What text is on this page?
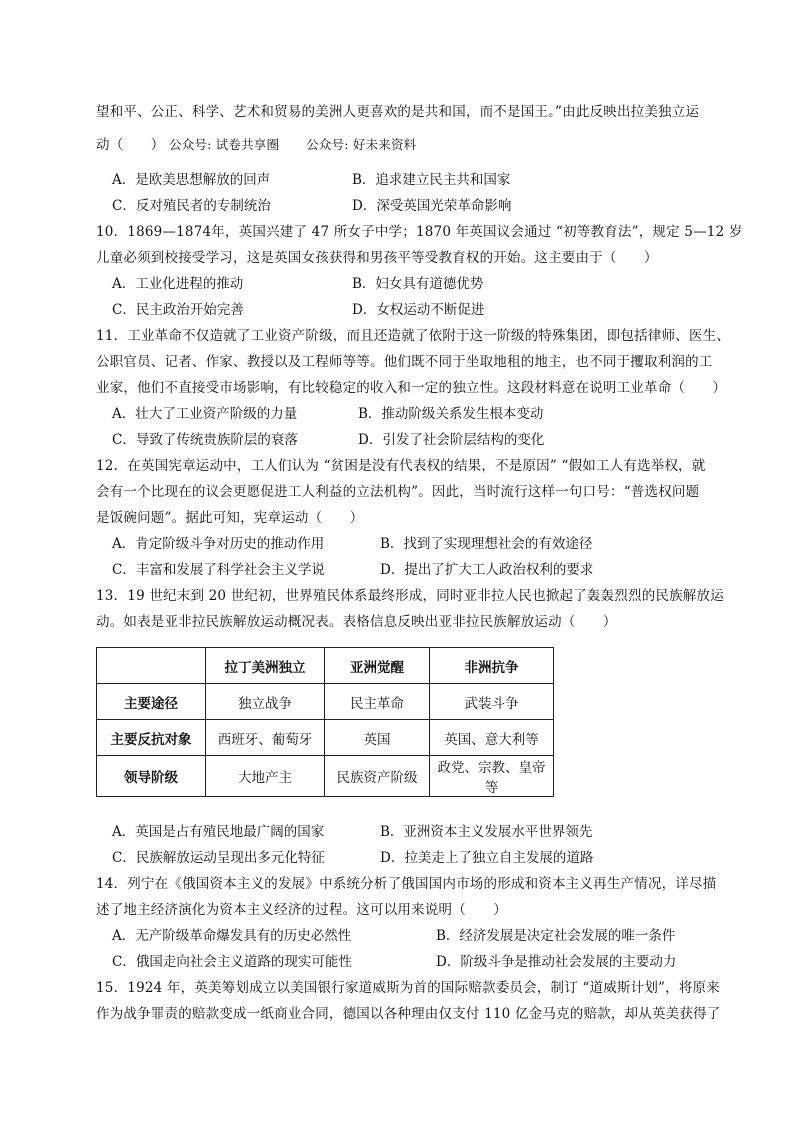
望和平、公正、科学、艺术和贸易的美洲人更喜欢的是共和国，而不是国王。”由此反映出拉美独立运
动（　　） 公众号: 试卷共享圈 公众号: 好未来资料
A．是欧美思想解放的回声	B．追求建立民主共和国家
C．反对殖民者的专制统治	D．深受英国光荣革命影响
10．1869—1874年，英国兴建了 47 所女子中学；1870 年英国议会通过 “初等教育法”，规定 5—12 岁
儿童必须到校接受学习，这是英国女孩获得和男孩平等受教育权的开始。这主要由于（　　）
A．工业化进程的推动	B．妇女具有道德优势
C．民主政治开始完善	D．女权运动不断促进
11．工业革命不仅造就了工业资产阶级，而且还造就了依附于这一阶级的特殊集团，即包括律师、医生、
公职官员、记者、作家、教授以及工程师等等。他们既不同于坐取地租的地主，也不同于攫取利润的工
业家，他们不直接受市场影响，有比较稳定的收入和一定的独立性。这段材料意在说明工业革命（　　）
A．壮大了工业资产阶级的力量	B．推动阶级关系发生根本变动
C．导致了传统贵族阶层的衰落	D．引发了社会阶层结构的变化
12．在英国宪章运动中，工人们认为 “贫困是没有代表权的结果，不是原因” “假如工人有选举权，就
会有一个比现在的议会更愿促进工人利益的立法机构”。因此，当时流行这样一句口号：“普选权问题
是饭碗问题”。据此可知，宪章运动（　　）
A．肯定阶级斗争对历史的推动作用	B．找到了实现理想社会的有效途径
C．丰富和发展了科学社会主义学说	D．提出了扩大工人政治权利的要求
13．19 世纪末到 20 世纪初，世界殖民体系最终形成，同时亚非拉人民也掀起了轰轰烈烈的民族解放运
动。如表是亚非拉民族解放运动概况表。表格信息反映出亚非拉民族解放运动（　　）
	拉丁美洲独立	亚洲觉醒	非洲抗争
主要途径	独立战争	民主革命	武装斗争
主要反抗对象	西班牙、葡萄牙	英国	英国、意大利等
领导阶级	大地产主	民族资产阶级	政党、宗教、皇帝等
A．英国是占有殖民地最广阔的国家	B．亚洲资本主义发展水平世界领先
C．民族解放运动呈现出多元化特征	D．拉美走上了独立自主发展的道路
14．列宁在《俄国资本主义的发展》中系统分析了俄国国内市场的形成和资本主义再生产情况，详尽描
述了地主经济演化为资本主义经济的过程。这可以用来说明（　　）
A．无产阶级革命爆发具有的历史必然性	B．经济发展是决定社会发展的唯一条件
C．俄国走向社会主义道路的现实可能性	D．阶级斗争是推动社会发展的主要动力
15．1924 年，英美筹划成立以美国银行家道威斯为首的国际赔款委员会，制订 “道威斯计划”，将原来
作为战争罪责的赔款变成一纸商业合同，德国以各种理由仅支付 110 亿金马克的赔款，却从英美获得了
